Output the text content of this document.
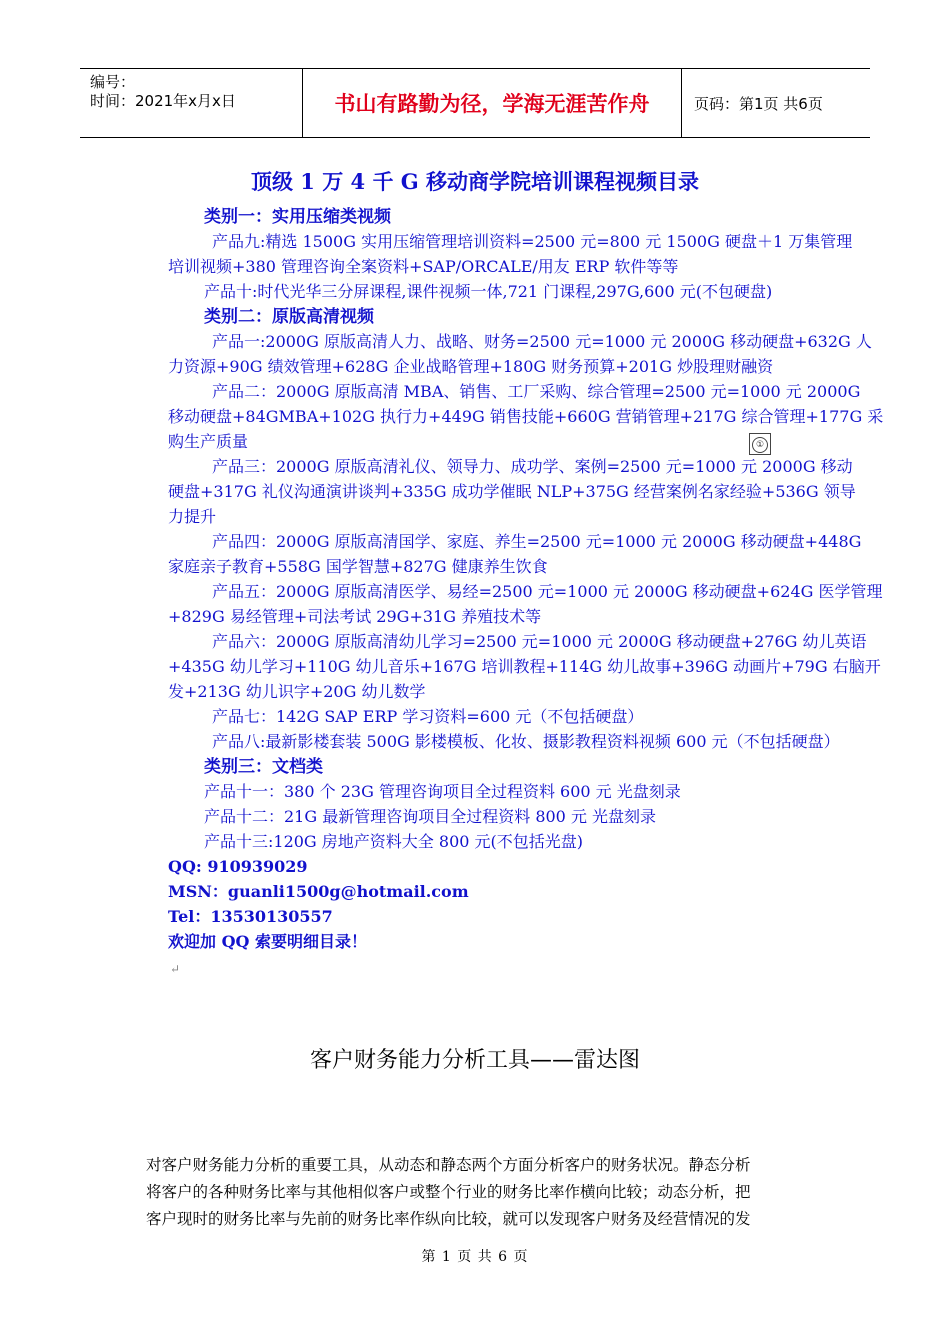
编号：
时间：2021年x月x日	书山有路勤为径，学海无涯苦作舟	页码：第1页 共6页
顶级 1 万 4 千 G 移动商学院培训课程视频目录
类别一：实用压缩类视频
产品九:精选 1500G 实用压缩管理培训资料=2500 元=800 元 1500G 硬盘＋1 万集管理
培训视频+380 管理咨询全案资料+SAP/ORCALE/用友 ERP 软件等等
产品十:时代光华三分屏课程,课件视频一体,721 门课程,297G,600 元(不包硬盘)
类别二：原版高清视频
产品一:2000G 原版高清人力、战略、财务=2500 元=1000 元 2000G 移动硬盘+632G 人
力资源+90G 绩效管理+628G 企业战略管理+180G 财务预算+201G 炒股理财融资
产品二：2000G 原版高清 MBA、销售、工厂采购、综合管理=2500 元=1000 元 2000G
移动硬盘+84GMBA+102G 执行力+449G 销售技能+660G 营销管理+217G 综合管理+177G 采
购生产质量
产品三：2000G 原版高清礼仪、领导力、成功学、案例=2500 元=1000 元 2000G 移动
硬盘+317G 礼仪沟通演讲谈判+335G 成功学催眠 NLP+375G 经营案例名家经验+536G 领导
力提升
产品四：2000G 原版高清国学、家庭、养生=2500 元=1000 元 2000G 移动硬盘+448G
家庭亲子教育+558G 国学智慧+827G 健康养生饮食
产品五：2000G 原版高清医学、易经=2500 元=1000 元 2000G 移动硬盘+624G 医学管理
+829G 易经管理+司法考试 29G+31G 养殖技术等
产品六：2000G 原版高清幼儿学习=2500 元=1000 元 2000G 移动硬盘+276G 幼儿英语
+435G 幼儿学习+110G 幼儿音乐+167G 培训教程+114G 幼儿故事+396G 动画片+79G 右脑开
发+213G 幼儿识字+20G 幼儿数学
产品七：142G SAP ERP 学习资料=600 元（不包括硬盘）
产品八:最新影楼套装 500G 影楼模板、化妆、摄影教程资料视频 600 元（不包括硬盘）
类别三：文档类
产品十一：380 个 23G 管理咨询项目全过程资料 600 元 光盘刻录
产品十二：21G 最新管理咨询项目全过程资料 800 元 光盘刻录
产品十三:120G 房地产资料大全 800 元(不包括光盘)
QQ: 910939029
MSN：guanli1500g@hotmail.com
Tel：13530130557
欢迎加 QQ 索要明细目录！
↵
①
客户财务能力分析工具——雷达图
对客户财务能力分析的重要工具，从动态和静态两个方面分析客户的财务状况。静态分析
将客户的各种财务比率与其他相似客户或整个行业的财务比率作横向比较；动态分析，把
客户现时的财务比率与先前的财务比率作纵向比较，就可以发现客户财务及经营情况的发
第 1 页 共 6 页
